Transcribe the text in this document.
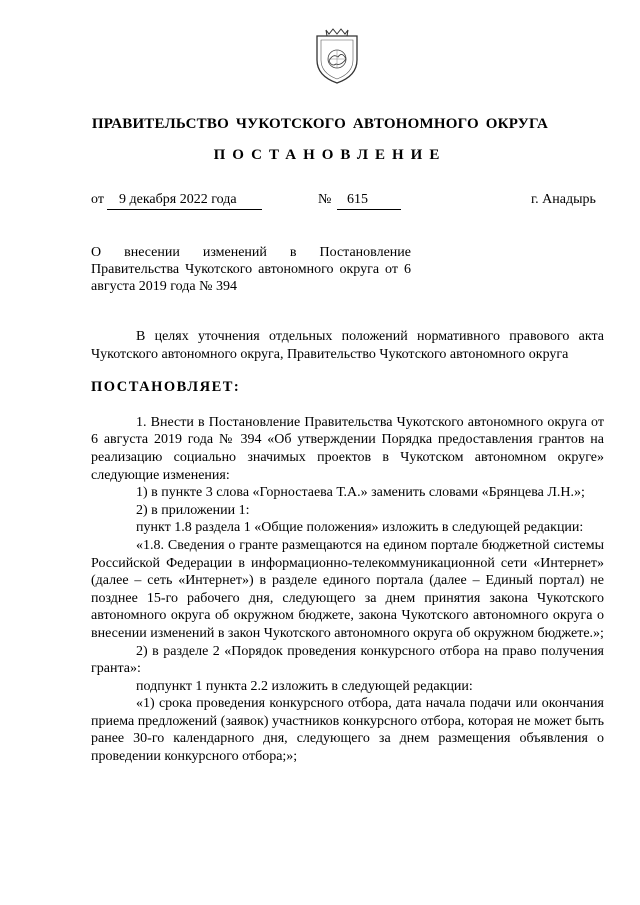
ПРАВИТЕЛЬСТВО ЧУКОТСКОГО АВТОНОМНОГО ОКРУГА
ПОСТАНОВЛЕНИЕ
от	9 декабря 2022 года	№	615	г. Анадырь
О внесении изменений в Постановление Правительства Чукотского автономного округа от 6 августа 2019 года № 394

В целях уточнения отдельных положений нормативного правового акта Чукотского автономного округа, Правительство Чукотского автономного округа

ПОСТАНОВЛЯЕТ:

1. Внести в Постановление Правительства Чукотского автономного округа от 6 августа 2019 года № 394 «Об утверждении Порядка предоставления грантов на реализацию социально значимых проектов в Чукотском автономном округе» следующие изменения:

1) в пункте 3 слова «Горностаева Т.А.» заменить словами «Брянцева Л.Н.»;

2) в приложении 1:

пункт 1.8 раздела 1 «Общие положения» изложить в следующей редакции:

«1.8. Сведения о гранте размещаются на едином портале бюджетной системы Российской Федерации в информационно-телекоммуникационной сети «Интернет» (далее – сеть «Интернет») в разделе единого портала (далее – Единый портал) не позднее 15-го рабочего дня, следующего за днем принятия закона Чукотского автономного округа об окружном бюджете, закона Чукотского автономного округа о внесении изменений в закон Чукотского автономного округа об окружном бюджете.»;

2) в разделе 2 «Порядок проведения конкурсного отбора на право получения гранта»:

подпункт 1 пункта 2.2 изложить в следующей редакции:

«1) срока проведения конкурсного отбора, дата начала подачи или окончания приема предложений (заявок) участников конкурсного отбора, которая не может быть ранее 30-го календарного дня, следующего за днем размещения объявления о проведении конкурсного отбора;»;
